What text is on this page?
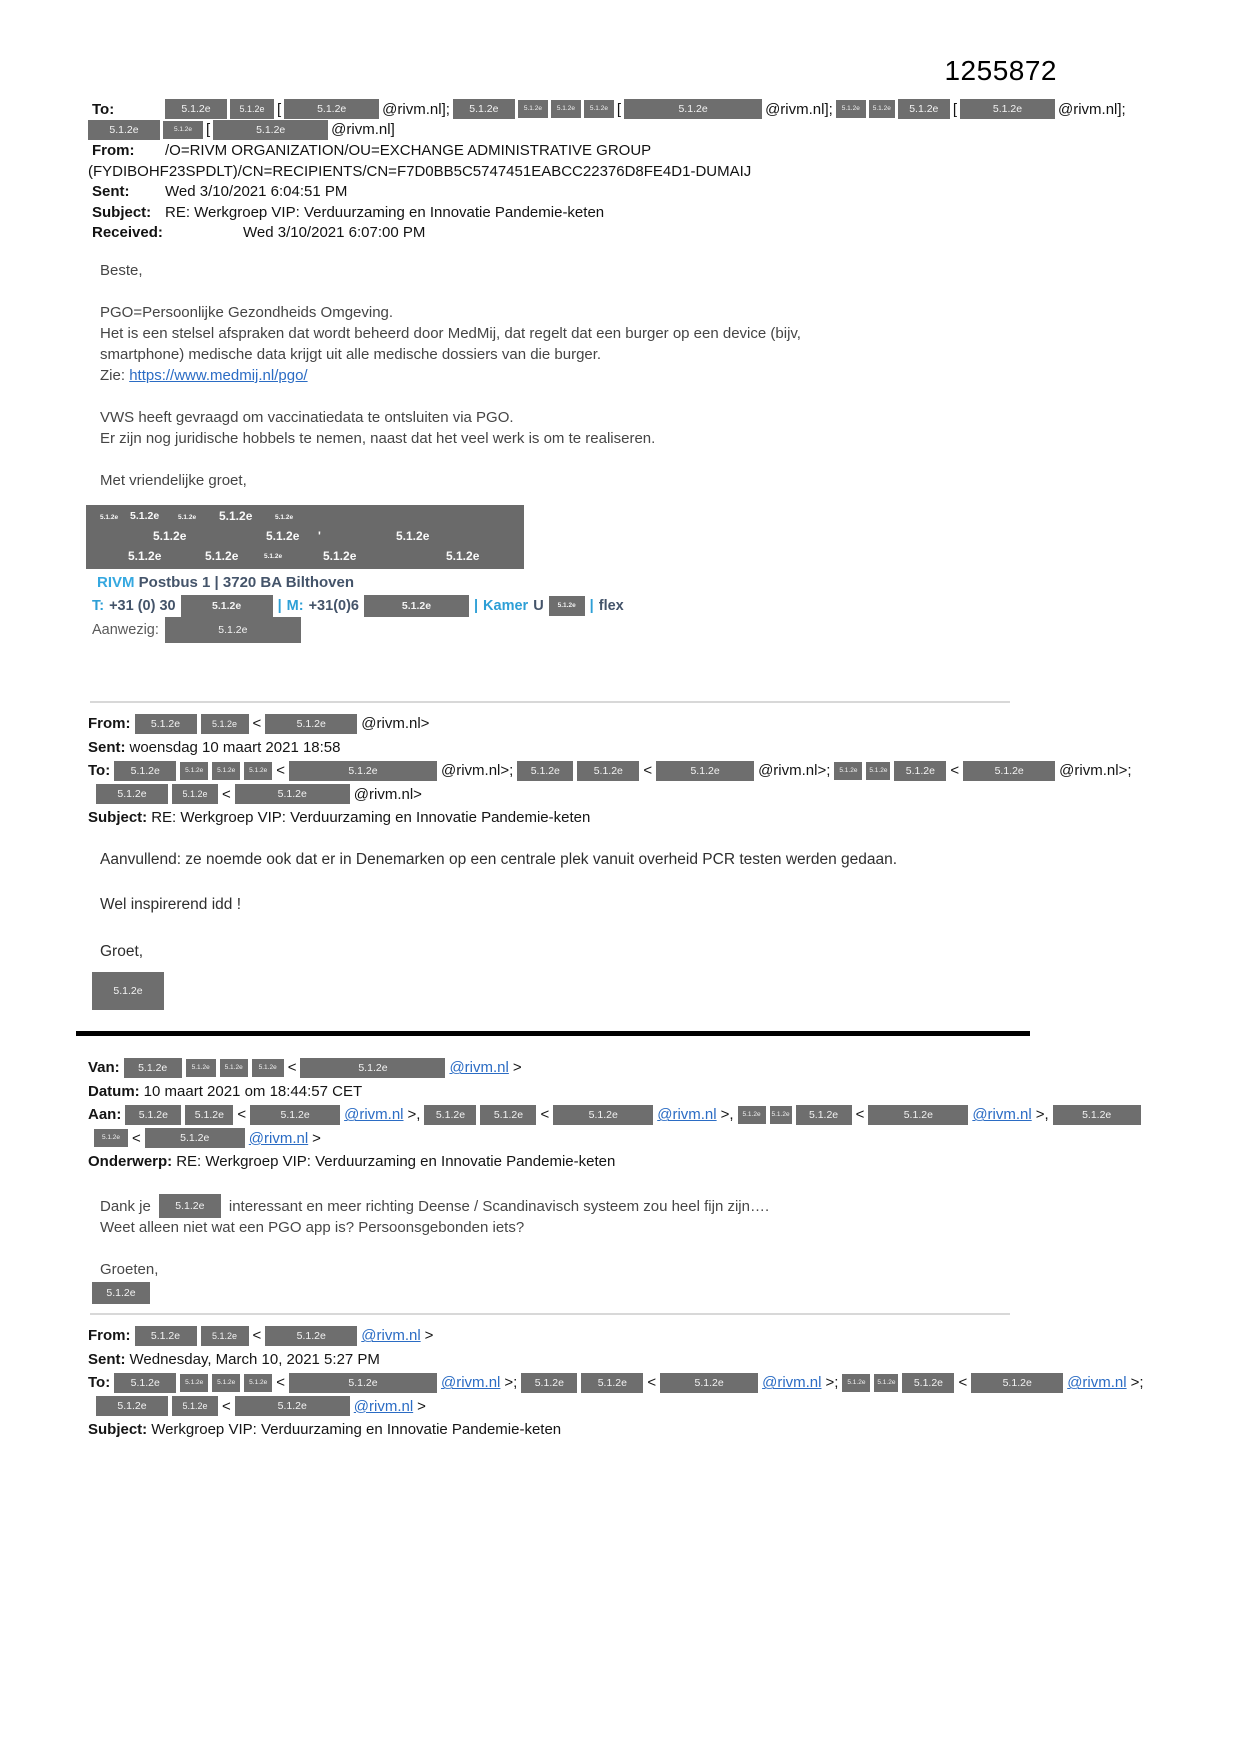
1255872
To:	5.1.2e	5.1.2e [	5.1.2e	@rivm.nl];	5.1.2e	5.1.2e	5.1.2e	5.1.2e [	5.1.2e	@rivm.nl];	5.1.2e	5.1.2e	5.1.2e [	5.1.2e	@rivm.nl];
5.1.2e	5.1.2e [	5.1.2e	@rivm.nl]
From:	/O=RIVM ORGANIZATION/OU=EXCHANGE ADMINISTRATIVE GROUP
(FYDIBOHF23SPDLT)/CN=RECIPIENTS/CN=F7D0BB5C5747451EABCC22376D8FE4D1-DUMAIJ
Sent:	Wed 3/10/2021 6:04:51 PM
Subject: RE: Werkgroep VIP: Verduurzaming en Innovatie Pandemie-keten
Received:	Wed 3/10/2021 6:07:00 PM
Beste,
PGO=Persoonlijke Gezondheids Omgeving.
Het is een stelsel afspraken dat wordt beheerd door MedMij, dat regelt dat een burger op een device (bijv,
smartphone) medische data krijgt uit alle medische dossiers van die burger.
Zie: https://www.medmij.nl/pgo/
VWS heeft gevraagd om vaccinatiedata te ontsluiten via PGO.
Er zijn nog juridische hobbels te nemen, naast dat het veel werk is om te realiseren.
Met vriendelijke groet,
5.1.2e 5.1.2e	5.1.2e 5.1.2e	5.1.2e
5.1.2e	5.1.2e '	5.1.2e
5.1.2e	5.1.2e	5.1.2e	5.1.2e	5.1.2e
RIVM Postbus 1 | 3720 BA Bilthoven
T: +31 (0) 30	5.1.2e	| M: +31(0)6	5.1.2e	| Kamer U	5.1.2e | flex
Aanwezig:	5.1.2e
From:	5.1.2e	5.1.2e	<	5.1.2e	@rivm.nl>
Sent: woensdag 10 maart 2021 18:58
To:	5.1.2e	5.1.2e	5.1.2e	5.1.2e <	5.1.2e	@rivm.nl>;	5.1.2e	5.1.2e	<	5.1.2e	@rivm.nl>;	5.1.2e	5.1.2e	5.1.2e	<	5.1.2e	@rivm.nl>;
5.1.2e	5.1.2e <	5.1.2e	@rivm.nl>
Subject: RE: Werkgroep VIP: Verduurzaming en Innovatie Pandemie-keten
Aanvullend: ze noemde ook dat er in Denemarken op een centrale plek vanuit overheid PCR testen werden gedaan.
Wel inspirerend idd !
Groet,
5.1.2e
Van:	5.1.2e	5.1.2e	5.1.2e	5.1.2e <	5.1.2e	@rivm.nl >
Datum: 10 maart 2021 om 18:44:57 CET
Aan:	5.1.2e	5.1.2e <	5.1.2e	@rivm.nl >,	5.1.2e	5.1.2e	<	5.1.2e	@rivm.nl >,	5.1.2e	5.1.2e	5.1.2e	<	5.1.2e	@rivm.nl >,	5.1.2e
5.1.2e <	5.1.2e	@rivm.nl >
Onderwerp: RE: Werkgroep VIP: Verduurzaming en Innovatie Pandemie-keten
Dank je	5.1.2e	interessant en meer richting Deense / Scandinavisch systeem zou heel fijn zijn….
Weet alleen niet wat een PGO app is? Persoonsgebonden iets?
Groeten,
5.1.2e
From:	5.1.2e	5.1.2e	<	5.1.2e	@rivm.nl >
Sent: Wednesday, March 10, 2021 5:27 PM
To:	5.1.2e	5.1.2e	5.1.2e	5.1.2e <	5.1.2e	@rivm.nl >;	5.1.2e	5.1.2e	<	5.1.2e	@rivm.nl >;	5.1.2e	5.1.2e	5.1.2e	<	5.1.2e	@rivm.nl >;
5.1.2e	5.1.2e <	5.1.2e	@rivm.nl >
Subject: Werkgroep VIP: Verduurzaming en Innovatie Pandemie-keten
